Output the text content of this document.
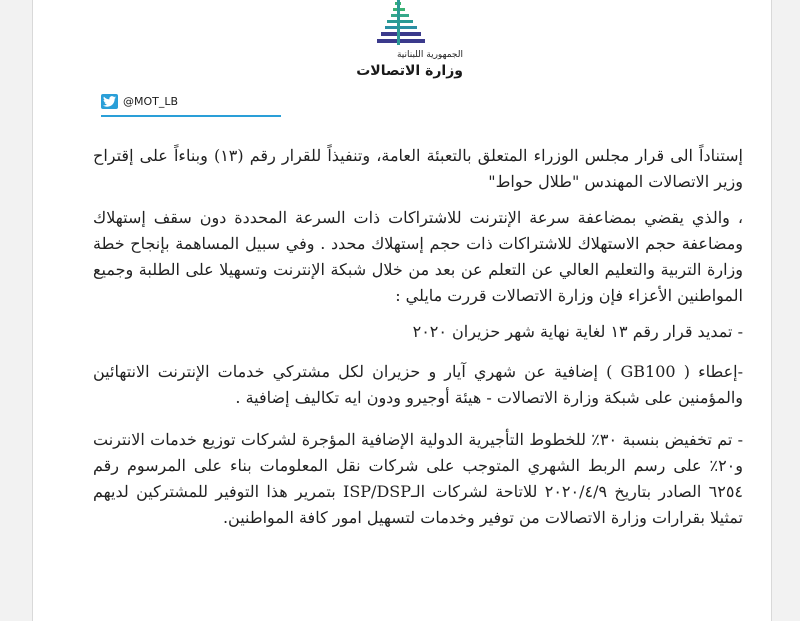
الجمهورية اللبنانية
وزارة الاتصالات
@MOT_LB

إستناداً الى قرار مجلس الوزراء المتعلق بالتعبئة العامة، وتنفيذاً للقرار رقم (١٣) وبناءاً على إقتراح وزير الاتصالات المهندس "طلال حواط"

، والذي يقضي بمضاعفة سرعة الإنترنت للاشتراكات ذات السرعة المحددة دون سقف إستهلاك ومضاعفة حجم الاستهلاك للاشتراكات ذات حجم إستهلاك محدد . وفي سبيل المساهمة بإنجاح خطة وزارة التربية والتعليم العالي عن التعلم عن بعد من خلال شبكة الإنترنت وتسهيلا على الطلبة وجميع المواطنين الأعزاء فإن وزارة الاتصالات قررت مايلي :

- تمديد قرار رقم ١٣ لغاية نهاية شهر حزيران ٢٠٢٠

-إعطاء ( GB100 ) إضافية عن شهري آيار و حزيران لكل مشتركي خدمات الإنترنت الانتهائين والمؤمنين على شبكة وزارة الاتصالات - هيئة أوجيرو ودون ايه تكاليف إضافية .

- تم تخفيض بنسبة ٣٠٪ للخطوط التأجيرية الدولية الإضافية المؤجرة لشركات توزيع خدمات الانترنت و٢٠٪ على رسم الربط الشهري المتوجب على شركات نقل المعلومات بناء على المرسوم رقم ٦٢٥٤ الصادر بتاريخ ٢٠٢٠/٤/٩ للاتاحة لشركات الـISP/DSP بتمرير هذا التوفير للمشتركين لديهم تمثيلا بقرارات وزارة الاتصالات من توفير وخدمات لتسهيل امور كافة المواطنين.
